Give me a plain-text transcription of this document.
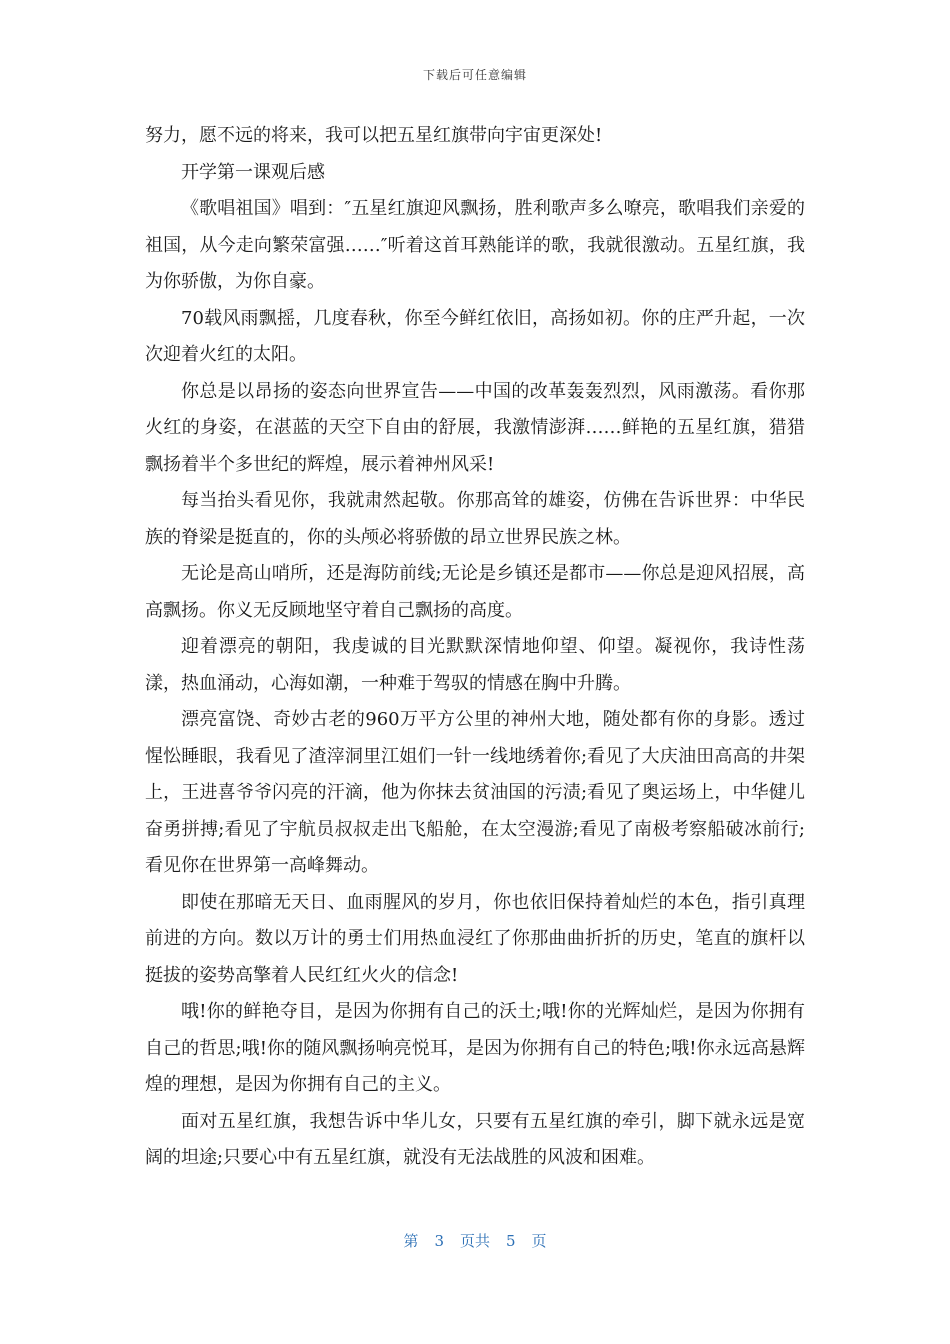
下载后可任意编辑

努力，愿不远的将来，我可以把五星红旗带向宇宙更深处!

开学第一课观后感

《歌唱祖国》唱到：″五星红旗迎风飘扬，胜利歌声多么嘹亮，歌唱我们亲爱的祖国，从今走向繁荣富强……″听着这首耳熟能详的歌，我就很激动。五星红旗，我为你骄傲，为你自豪。

70载风雨飘摇，几度春秋，你至今鲜红依旧，高扬如初。你的庄严升起，一次次迎着火红的太阳。

你总是以昂扬的姿态向世界宣告——中国的改革轰轰烈烈，风雨激荡。看你那火红的身姿，在湛蓝的天空下自由的舒展，我激情澎湃……鲜艳的五星红旗，猎猎飘扬着半个多世纪的辉煌，展示着神州风采!

每当抬头看见你，我就肃然起敬。你那高耸的雄姿，仿佛在告诉世界：中华民族的脊梁是挺直的，你的头颅必将骄傲的昂立世界民族之林。

无论是高山哨所，还是海防前线;无论是乡镇还是都市——你总是迎风招展，高高飘扬。你义无反顾地坚守着自己飘扬的高度。

迎着漂亮的朝阳，我虔诚的目光默默深情地仰望、仰望。凝视你，我诗性荡漾，热血涌动，心海如潮，一种难于驾驭的情感在胸中升腾。

漂亮富饶、奇妙古老的960万平方公里的神州大地，随处都有你的身影。透过惺忪睡眼，我看见了渣滓洞里江姐们一针一线地绣着你;看见了大庆油田高高的井架上，王进喜爷爷闪亮的汗滴，他为你抹去贫油国的污渍;看见了奥运场上，中华健儿奋勇拼搏;看见了宇航员叔叔走出飞船舱，在太空漫游;看见了南极考察船破冰前行;看见你在世界第一高峰舞动。

即使在那暗无天日、血雨腥风的岁月，你也依旧保持着灿烂的本色，指引真理前进的方向。数以万计的勇士们用热血浸红了你那曲曲折折的历史，笔直的旗杆以挺拔的姿势高擎着人民红红火火的信念!

哦!你的鲜艳夺目，是因为你拥有自己的沃土;哦!你的光辉灿烂，是因为你拥有自己的哲思;哦!你的随风飘扬响亮悦耳，是因为你拥有自己的特色;哦!你永远高悬辉煌的理想，是因为你拥有自己的主义。

面对五星红旗，我想告诉中华儿女，只要有五星红旗的牵引，脚下就永远是宽阔的坦途;只要心中有五星红旗，就没有无法战胜的风波和困难。

第 3 页共 5 页
